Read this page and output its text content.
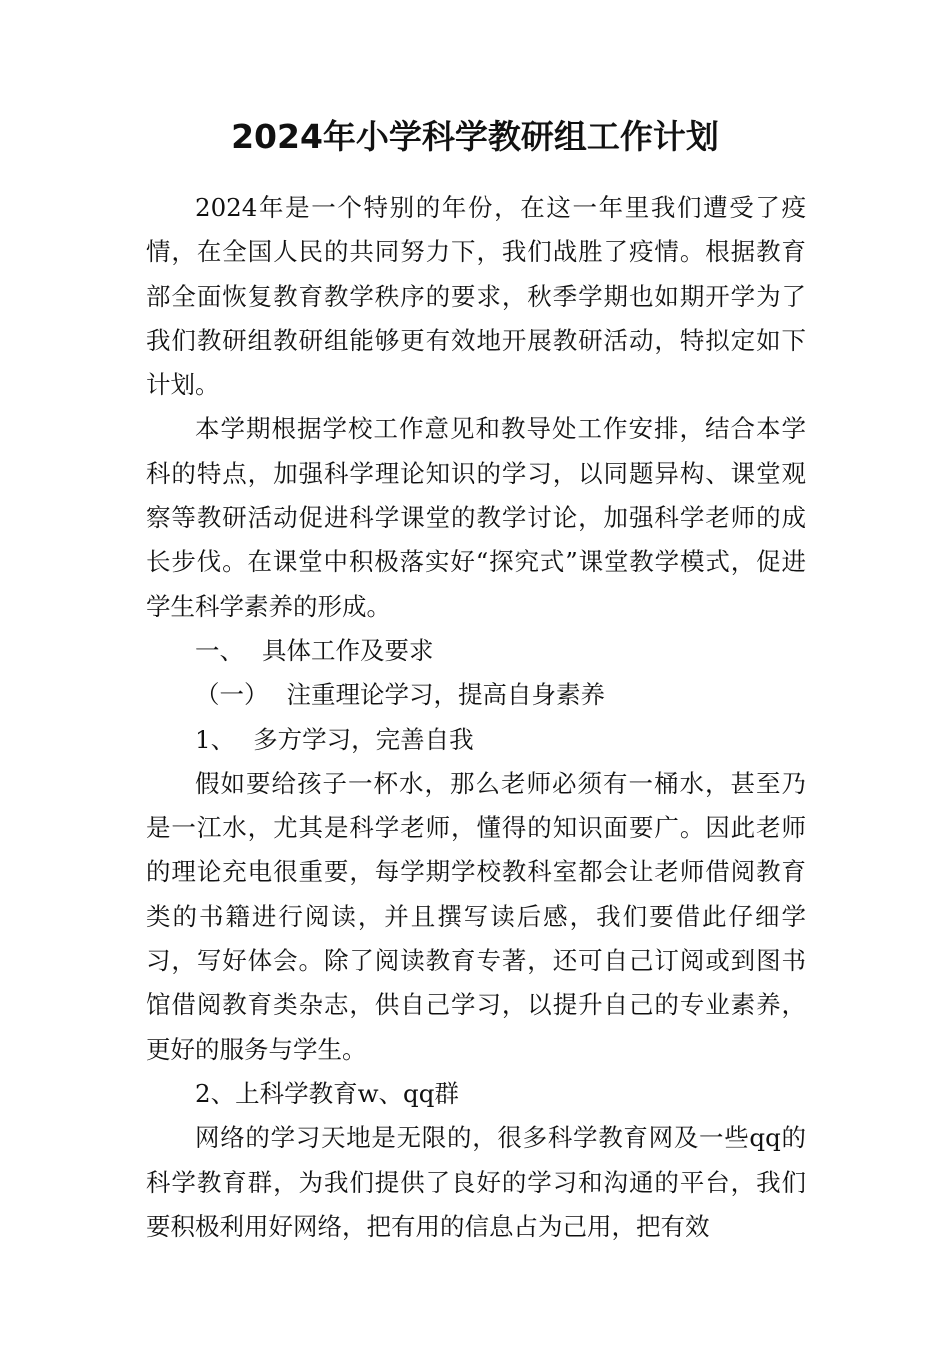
2024年小学科学教研组工作计划

2024年是一个特别的年份，在这一年里我们遭受了疫情，在全国人民的共同努力下，我们战胜了疫情。根据教育部全面恢复教育教学秩序的要求，秋季学期也如期开学为了我们教研组教研组能够更有效地开展教研活动，特拟定如下计划。

本学期根据学校工作意见和教导处工作安排，结合本学科的特点，加强科学理论知识的学习，以同题异构、课堂观察等教研活动促进科学课堂的教学讨论，加强科学老师的成长步伐。在课堂中积极落实好“探究式”课堂教学模式，促进学生科学素养的形成。

一、 具体工作及要求

（一） 注重理论学习，提高自身素养

1、 多方学习，完善自我

假如要给孩子一杯水，那么老师必须有一桶水，甚至乃是一江水，尤其是科学老师，懂得的知识面要广。因此老师的理论充电很重要，每学期学校教科室都会让老师借阅教育类的书籍进行阅读，并且撰写读后感，我们要借此仔细学习，写好体会。除了阅读教育专著，还可自己订阅或到图书馆借阅教育类杂志，供自己学习，以提升自己的专业素养，更好的服务与学生。

2、上科学教育w、qq群

网络的学习天地是无限的，很多科学教育网及一些qq的科学教育群，为我们提供了良好的学习和沟通的平台，我们要积极利用好网络，把有用的信息占为己用，把有效
